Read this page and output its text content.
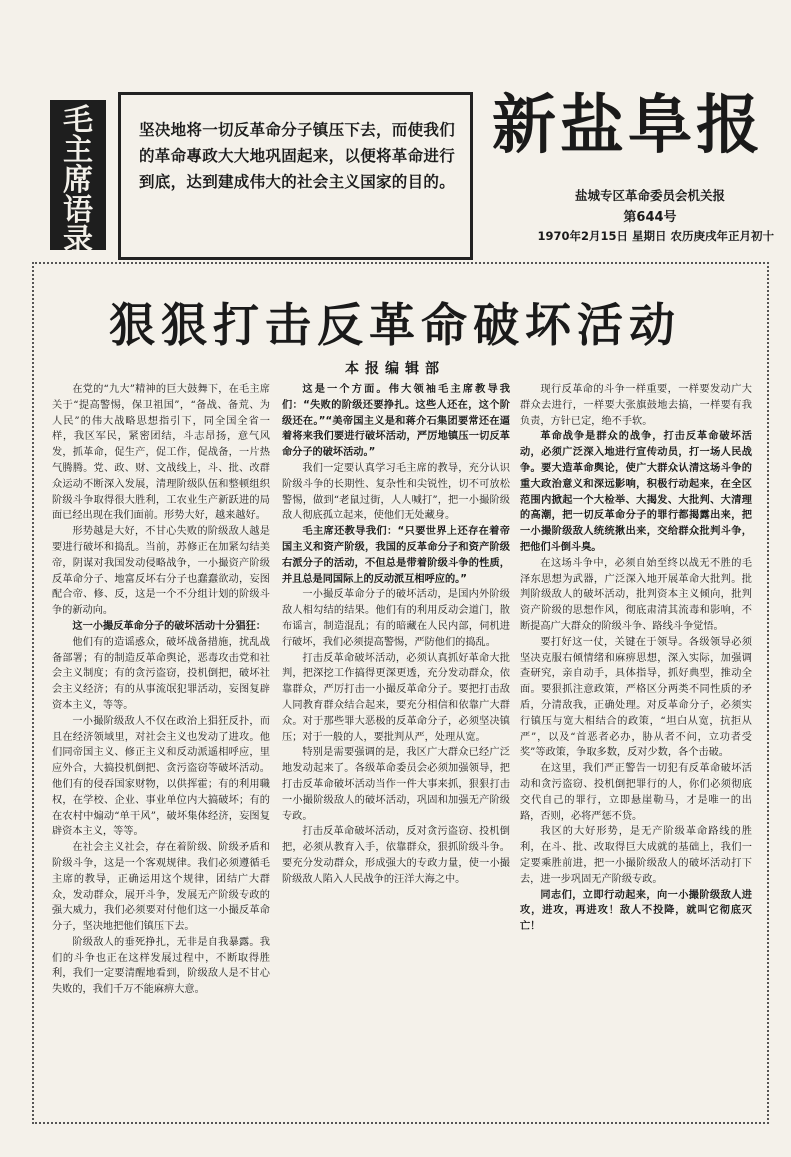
毛
主
席
语
录
坚决地将一切反革命分子镇压下去，而使我们的革命專政大大地巩固起来，以便将革命进行到底，达到建成伟大的社会主义国家的目的。
新盐阜报
盐城专区革命委员会机关报
第644号
1970年2月15日 星期日 农历庚戌年正月初十
狠狠打击反革命破坏活动
本报编辑部

在党的“九大”精神的巨大鼓舞下，在毛主席关于“提高警惕，保卫祖国”，“备战、备荒、为人民”的伟大战略思想指引下，同全国全省一样，我区军民，紧密团结，斗志昂扬，意气风发，抓革命，促生产，促工作，促战备，一片热气腾腾。党、政、财、文战线上，斗、批、改群众运动不断深入发展，清理阶级队伍和整顿组织阶级斗争取得很大胜利，工农业生产新跃进的局面已经出现在我们面前。形势大好，越来越好。

形势越是大好，不甘心失败的阶级敌人越是要进行破坏和捣乱。当前，苏修正在加紧勾结美帝，阴谋对我国发动侵略战争，一小撮资产阶级反革命分子、地富反坏右分子也蠢蠢欲动，妄图配合帝、修、反，这是一个不分组计划的阶级斗争的新动向。

这一小撮反革命分子的破坏活动十分猖狂：

他们有的造谣惑众，破坏战备措施，扰乱战备部署；有的制造反革命舆论，恶毒攻击党和社会主义制度；有的贪污盗窃，投机倒把，破坏社会主义经济；有的从事流氓犯罪活动，妄图复辟资本主义，等等。

一小撮阶级敌人不仅在政治上猖狂反扑，而且在经济领域里，对社会主义也发动了进攻。他们同帝国主义、修正主义和反动派遥相呼应，里应外合，大搞投机倒把、贪污盗窃等破坏活动。他们有的侵吞国家财物，以供挥霍；有的利用職权，在学校、企业、事业单位内大搞破坏；有的在农村中煽动“单干风”，破坏集体经济，妄图复辟资本主义，等等。

在社会主义社会，存在着阶级、阶级矛盾和阶级斗争，这是一个客观规律。我们必须遵循毛主席的教导，正确运用这个规律，团结广大群众，发动群众，展开斗争，发展无产阶级专政的强大威力，我们必须要对付他们这一小撮反革命分子，坚决地把他们镇压下去。

阶级敌人的垂死挣扎，无非是自我暴露。我们的斗争也正在这样发展过程中，不断取得胜利，我们一定要清醒地看到，阶级敌人是不甘心失败的，我们千万不能麻痹大意。

这是一个方面。伟大领袖毛主席教导我们：“失败的阶级还要挣扎。这些人还在，这个阶级还在。”“美帝国主义是和蒋介石集团要常还在逼着将来我们要进行破坏活动，严厉地镇压一切反革命分子的破坏活动。”

我们一定要认真学习毛主席的教导，充分认识阶级斗争的长期性、复杂性和尖锐性，切不可放松警惕，做到“老鼠过街，人人喊打”，把一小撮阶级敌人彻底孤立起来，使他们无处藏身。

毛主席还教导我们：“只要世界上还存在着帝国主义和资产阶级，我国的反革命分子和资产阶级右派分子的活动，不但总是带着阶级斗争的性质，并且总是同国际上的反动派互相呼应的。”

一小撮反革命分子的破坏活动，是国内外阶级敌人相勾结的结果。他们有的利用反动会道门，散布谣言，制造混乱；有的暗藏在人民内部，伺机进行破坏，我们必须提高警惕，严防他们的捣乱。

打击反革命破坏活动，必须认真抓好革命大批判，把深挖工作搞得更深更透，充分发动群众，依靠群众，严厉打击一小撮反革命分子。要把打击敌人同教育群众结合起来，要充分相信和依靠广大群众。对于那些罪大恶极的反革命分子，必须坚决镇压；对于一般的人，要批判从严，处理从宽。

特别是需要强调的是，我区广大群众已经广泛地发动起来了。各级革命委员会必须加强领导，把打击反革命破坏活动当作一件大事来抓，狠狠打击一小撮阶级敌人的破坏活动，巩固和加强无产阶级专政。

打击反革命破坏活动，反对贪污盗窃、投机倒把，必须从教育入手，依靠群众，狠抓阶级斗争。要充分发动群众，形成强大的专政力量，使一小撮阶级敌人陷入人民战争的汪洋大海之中。

现行反革命的斗争一样重要，一样要发动广大群众去进行，一样要大张旗鼓地去搞，一样要有我负责，方针已定，绝不手软。

革命战争是群众的战争，打击反革命破坏活动，必须广泛深入地进行宣传动员，打一场人民战争。要大造革命舆论，使广大群众认清这场斗争的重大政治意义和深远影响，积极行动起来，在全区范围内掀起一个大检举、大揭发、大批判、大清理的高潮，把一切反革命分子的罪行都揭露出来，把一小撮阶级敌人统统揪出来，交给群众批判斗争，把他们斗倒斗臭。

在这场斗争中，必须自始至终以战无不胜的毛泽东思想为武器，广泛深入地开展革命大批判。批判阶级敌人的破坏活动，批判资本主义倾向，批判资产阶级的思想作风，彻底肃清其流毒和影响，不断提高广大群众的阶级斗争、路线斗争觉悟。

要打好这一仗，关键在于领导。各级领导必须坚决克服右倾情绪和麻痹思想，深入实际，加强调查研究，亲自动手，具体指导，抓好典型，推动全面。要狠抓注意政策，严格区分两类不同性质的矛盾，分清敌我，正确处理。对反革命分子，必须实行镇压与宽大相结合的政策，“坦白从宽，抗拒从严”，以及“首恶者必办，胁从者不问，立功者受奖”等政策，争取多数，反对少数，各个击破。

在这里，我们严正警告一切犯有反革命破坏活动和贪污盗窃、投机倒把罪行的人，你们必须彻底交代自己的罪行，立即悬崖勒马，才是唯一的出路，否则，必将严惩不贷。

我区的大好形势，是无产阶级革命路线的胜利，在斗、批、改取得巨大成就的基础上，我们一定要乘胜前进，把一小撮阶级敌人的破坏活动打下去，进一步巩固无产阶级专政。

同志们，立即行动起来，向一小撮阶级敌人进攻，进攻，再进攻！敌人不投降，就叫它彻底灭亡！
